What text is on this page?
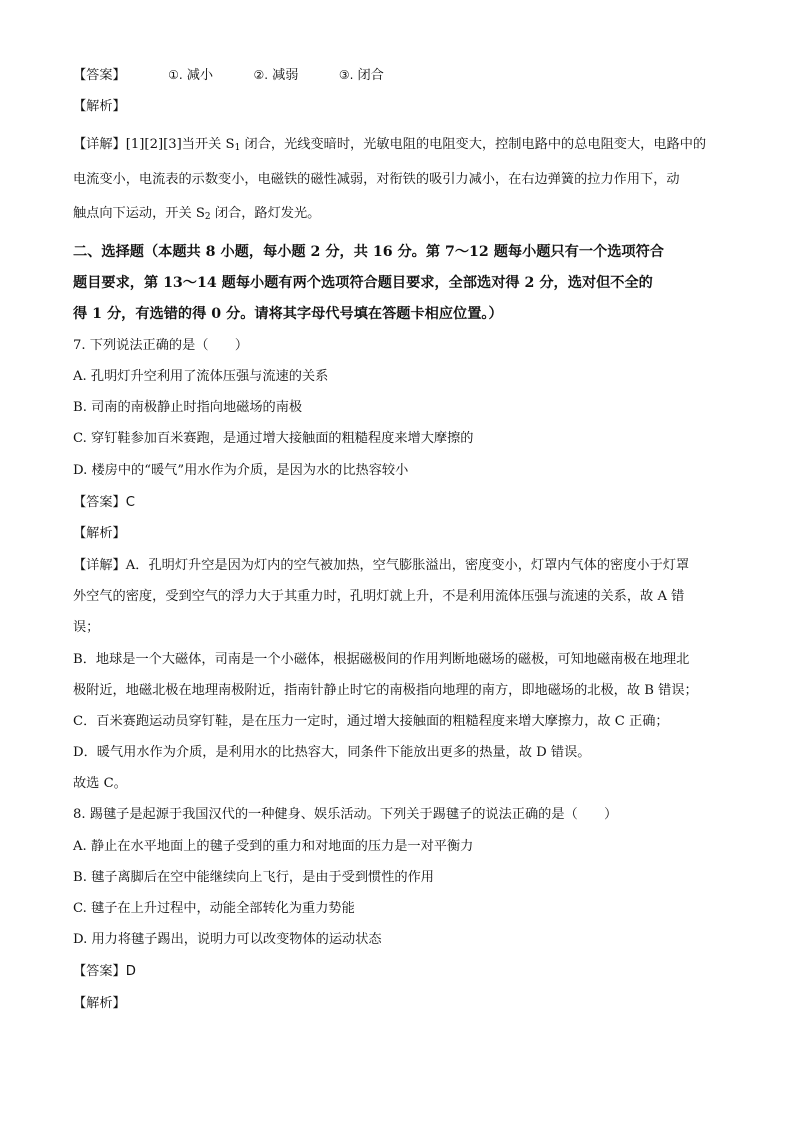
【答案】	①. 减小	②. 减弱	③. 闭合
【解析】
【详解】[1][2][3]当开关 $S_1$ 闭合，光线变暗时，光敏电阻的电阻变大，控制电路中的总电阻变大，电路中的
电流变小，电流表的示数变小，电磁铁的磁性减弱，对衔铁的吸引力减小，在右边弹簧的拉力作用下，动
触点向下运动，开关 $S_2$ 闭合，路灯发光。
二、选择题（本题共 8 小题，每小题 2 分，共 16 分。第 7～12 题每小题只有一个选项符合
题目要求，第 13～14 题每小题有两个选项符合题目要求，全部选对得 2 分，选对但不全的
得 1 分，有选错的得 0 分。请将其字母代号填在答题卡相应位置。）
7. 下列说法正确的是（　　）
A. 孔明灯升空利用了流体压强与流速的关系
B. 司南的南极静止时指向地磁场的南极
C. 穿钉鞋参加百米赛跑，是通过增大接触面的粗糙程度来增大摩擦的
D. 楼房中的“暖气”用水作为介质，是因为水的比热容较小
【答案】C
【解析】
【详解】A．孔明灯升空是因为灯内的空气被加热，空气膨胀溢出，密度变小，灯罩内气体的密度小于灯罩
外空气的密度，受到空气的浮力大于其重力时，孔明灯就上升，不是利用流体压强与流速的关系，故 A 错
误；
B．地球是一个大磁体，司南是一个小磁体，根据磁极间的作用判断地磁场的磁极，可知地磁南极在地理北
极附近，地磁北极在地理南极附近，指南针静止时它的南极指向地理的南方，即地磁场的北极，故 B 错误；
C．百米赛跑运动员穿钉鞋，是在压力一定时，通过增大接触面的粗糙程度来增大摩擦力，故 C 正确；
D．暖气用水作为介质，是利用水的比热容大，同条件下能放出更多的热量，故 D 错误。
故选 C。
8. 踢毽子是起源于我国汉代的一种健身、娱乐活动。下列关于踢毽子的说法正确的是（　　）
A. 静止在水平地面上的毽子受到的重力和对地面的压力是一对平衡力
B. 毽子离脚后在空中能继续向上飞行，是由于受到惯性的作用
C. 毽子在上升过程中，动能全部转化为重力势能
D. 用力将毽子踢出，说明力可以改变物体的运动状态
【答案】D
【解析】
